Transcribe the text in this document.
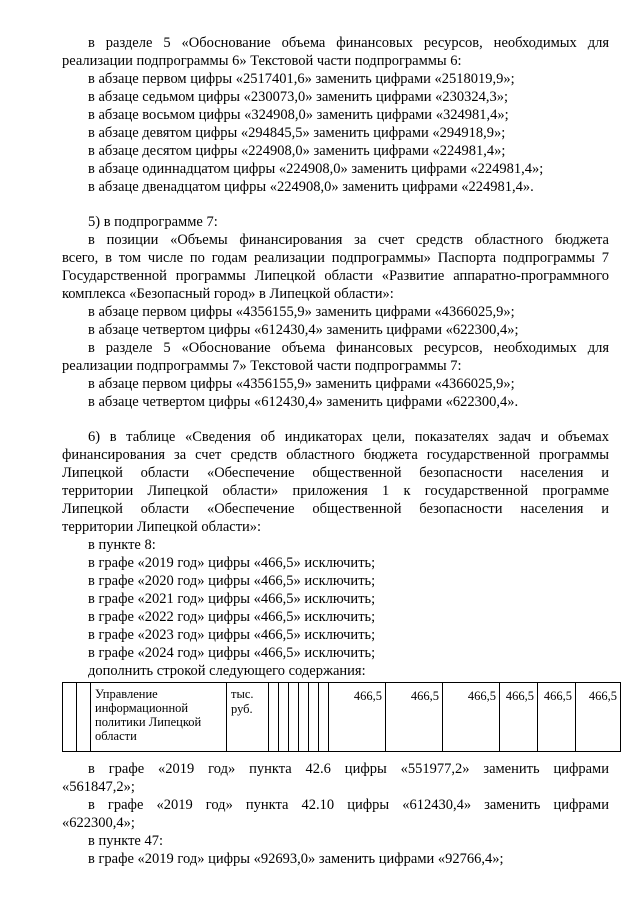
в разделе 5 «Обоснование объема финансовых ресурсов, необходимых для
реализации подпрограммы 6» Текстовой части подпрограммы 6:
в абзаце первом цифры «2517401,6» заменить цифрами «2518019,9»;
в абзаце седьмом цифры «230073,0» заменить цифрами «230324,3»;
в абзаце восьмом цифры «324908,0» заменить цифрами «324981,4»;
в абзаце девятом цифры «294845,5» заменить цифрами «294918,9»;
в абзаце десятом цифры «224908,0» заменить цифрами «224981,4»;
в абзаце одиннадцатом цифры «224908,0» заменить цифрами «224981,4»;
в абзаце двенадцатом цифры «224908,0» заменить цифрами «224981,4».
5) в подпрограмме 7:
в позиции «Объемы финансирования за счет средств областного бюджета
всего, в том числе по годам реализации подпрограммы» Паспорта подпрограммы 7
Государственной программы Липецкой области «Развитие аппаратно-программного
комплекса «Безопасный город» в Липецкой области»:
в абзаце первом цифры «4356155,9» заменить цифрами «4366025,9»;
в абзаце четвертом цифры «612430,4» заменить цифрами «622300,4»;
в разделе 5 «Обоснование объема финансовых ресурсов, необходимых для
реализации подпрограммы 7» Текстовой части подпрограммы 7:
в абзаце первом цифры «4356155,9» заменить цифрами «4366025,9»;
в абзаце четвертом цифры «612430,4» заменить цифрами «622300,4».
6) в таблице «Сведения об индикаторах цели, показателях задач и объемах
финансирования за счет средств областного бюджета государственной программы
Липецкой области «Обеспечение общественной безопасности населения и
территории Липецкой области» приложения 1 к государственной программе
Липецкой области «Обеспечение общественной безопасности населения и
территории Липецкой области»:
в пункте 8:
в графе «2019 год» цифры «466,5» исключить;
в графе «2020 год» цифры «466,5» исключить;
в графе «2021 год» цифры «466,5» исключить;
в графе «2022 год» цифры «466,5» исключить;
в графе «2023 год» цифры «466,5» исключить;
в графе «2024 год» цифры «466,5» исключить;
дополнить строкой следующего содержания:
		Управление информационной политики Липецкой области	тыс. руб.							466,5	466,5	466,5	466,5	466,5	466,5
в графе «2019 год» пункта 42.6 цифры «551977,2» заменить цифрами
«561847,2»;
в графе «2019 год» пункта 42.10 цифры «612430,4» заменить цифрами
«622300,4»;
в пункте 47:
в графе «2019 год» цифры «92693,0» заменить цифрами «92766,4»;
